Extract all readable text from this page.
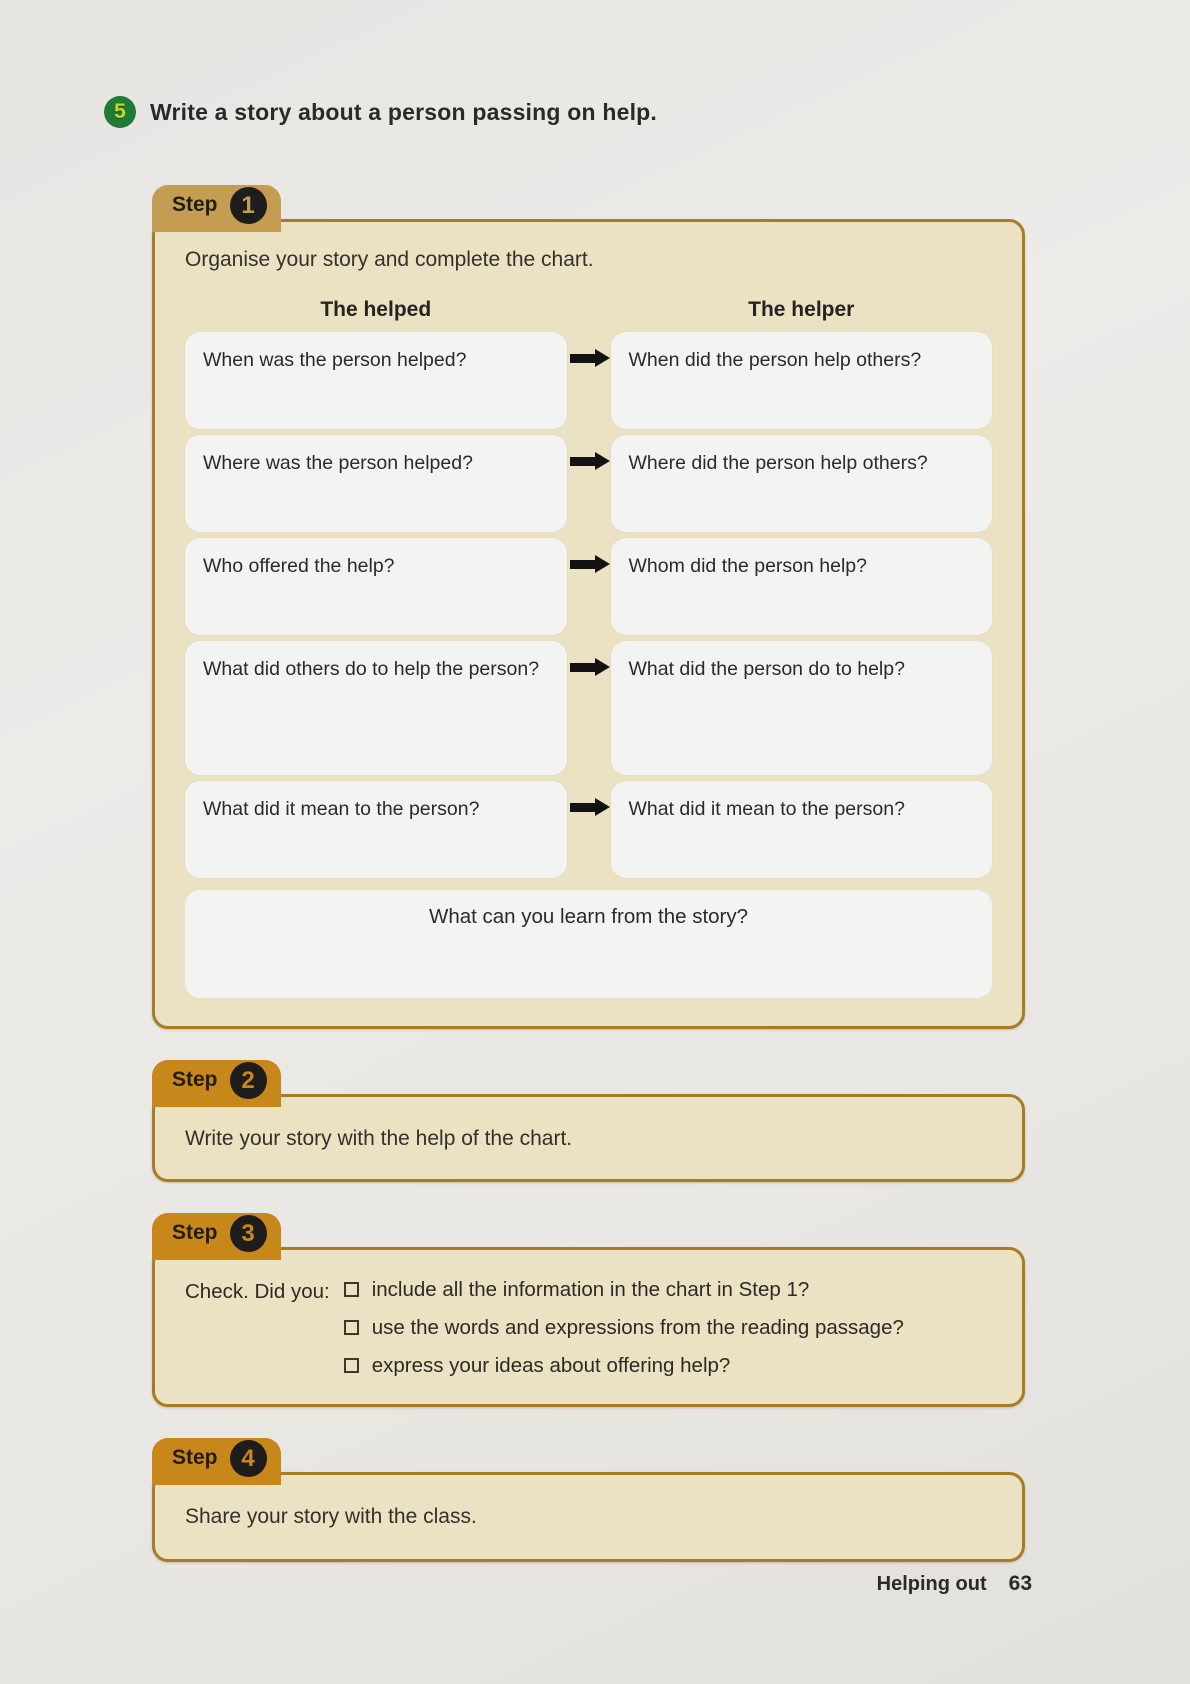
5	Write a story about a person passing on help.
Step 1
Organise your story and complete the chart.
The helped	The helper
When was the person helped?	When did the person help others?
Where was the person helped?	Where did the person help others?
Who offered the help?	Whom did the person help?
What did others do to help the person?	What did the person do to help?
What did it mean to the person?	What did it mean to the person?
What can you learn from the story?
Step 2
Write your story with the help of the chart.
Step 3
Check. Did you: include all the information in the chart in Step 1?
use the words and expressions from the reading passage?
express your ideas about offering help?
Step 4
Share your story with the class.
Helping out 63
